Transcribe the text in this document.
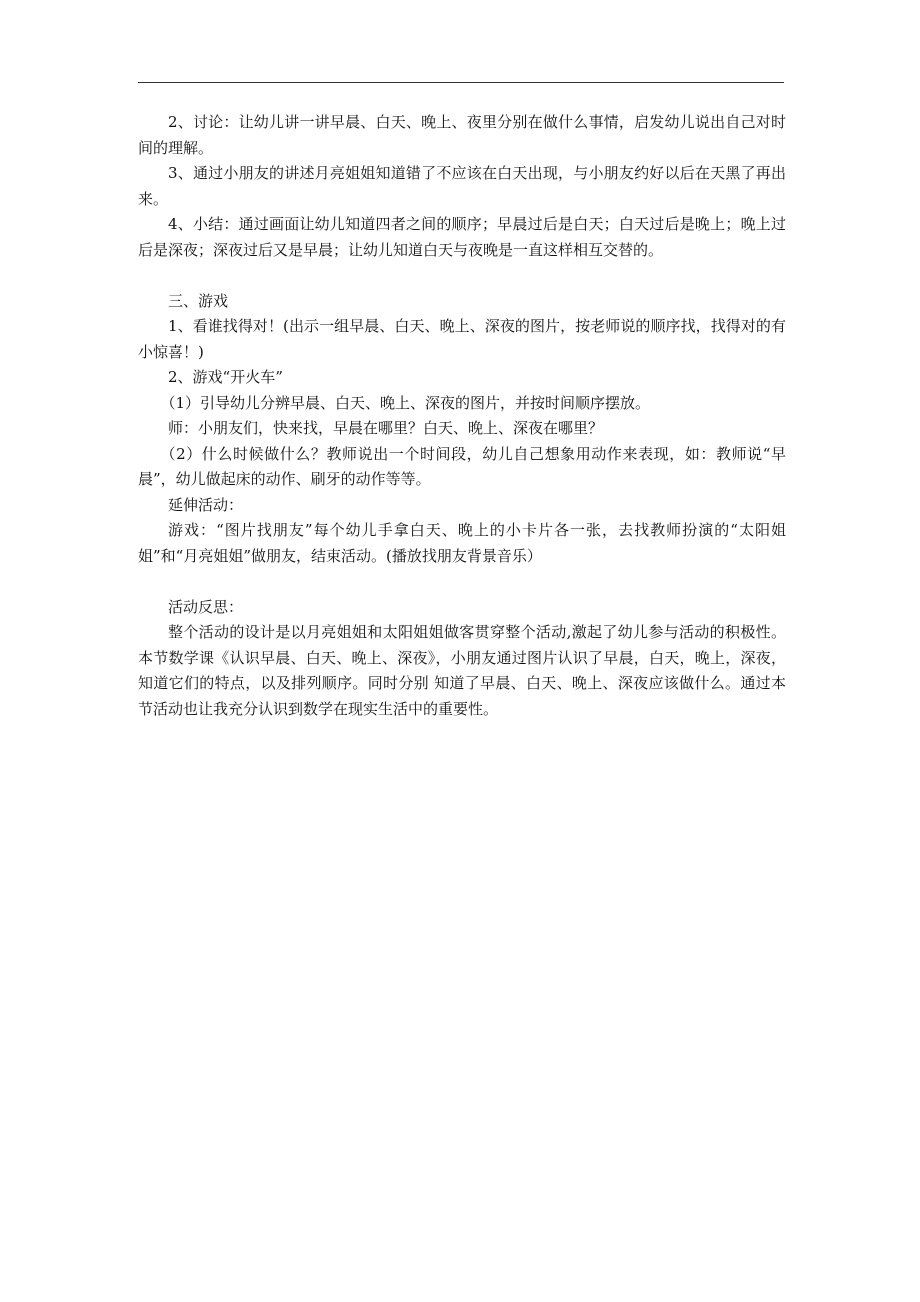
2、讨论：让幼儿讲一讲早晨、白天、晚上、夜里分别在做什么事情，启发幼儿说出自己对时间的理解。

3、通过小朋友的讲述月亮姐姐知道错了不应该在白天出现，与小朋友约好以后在天黑了再出来。

4、小结：通过画面让幼儿知道四者之间的顺序；早晨过后是白天；白天过后是晚上；晚上过后是深夜；深夜过后又是早晨；让幼儿知道白天与夜晚是一直这样相互交替的。

三、游戏

1、看谁找得对！(出示一组早晨、白天、晚上、深夜的图片，按老师说的顺序找，找得对的有小惊喜！)

2、游戏“开火车”

（1）引导幼儿分辨早晨、白天、晚上、深夜的图片，并按时间顺序摆放。

师：小朋友们，快来找，早晨在哪里？白天、晚上、深夜在哪里？

（2）什么时候做什么？教师说出一个时间段，幼儿自己想象用动作来表现，如：教师说“早晨”，幼儿做起床的动作、刷牙的动作等等。

延伸活动：

游戏：“图片找朋友”每个幼儿手拿白天、晚上的小卡片各一张，去找教师扮演的“太阳姐姐”和“月亮姐姐”做朋友，结束活动。(播放找朋友背景音乐）

活动反思：

整个活动的设计是以月亮姐姐和太阳姐姐做客贯穿整个活动,激起了幼儿参与活动的积极性。本节数学课《认识早晨、白天、晚上、深夜》，小朋友通过图片认识了早晨，白天，晚上，深夜，知道它们的特点，以及排列顺序。同时分别 知道了早晨、白天、晚上、深夜应该做什么。通过本节活动也让我充分认识到数学在现实生活中的重要性。
